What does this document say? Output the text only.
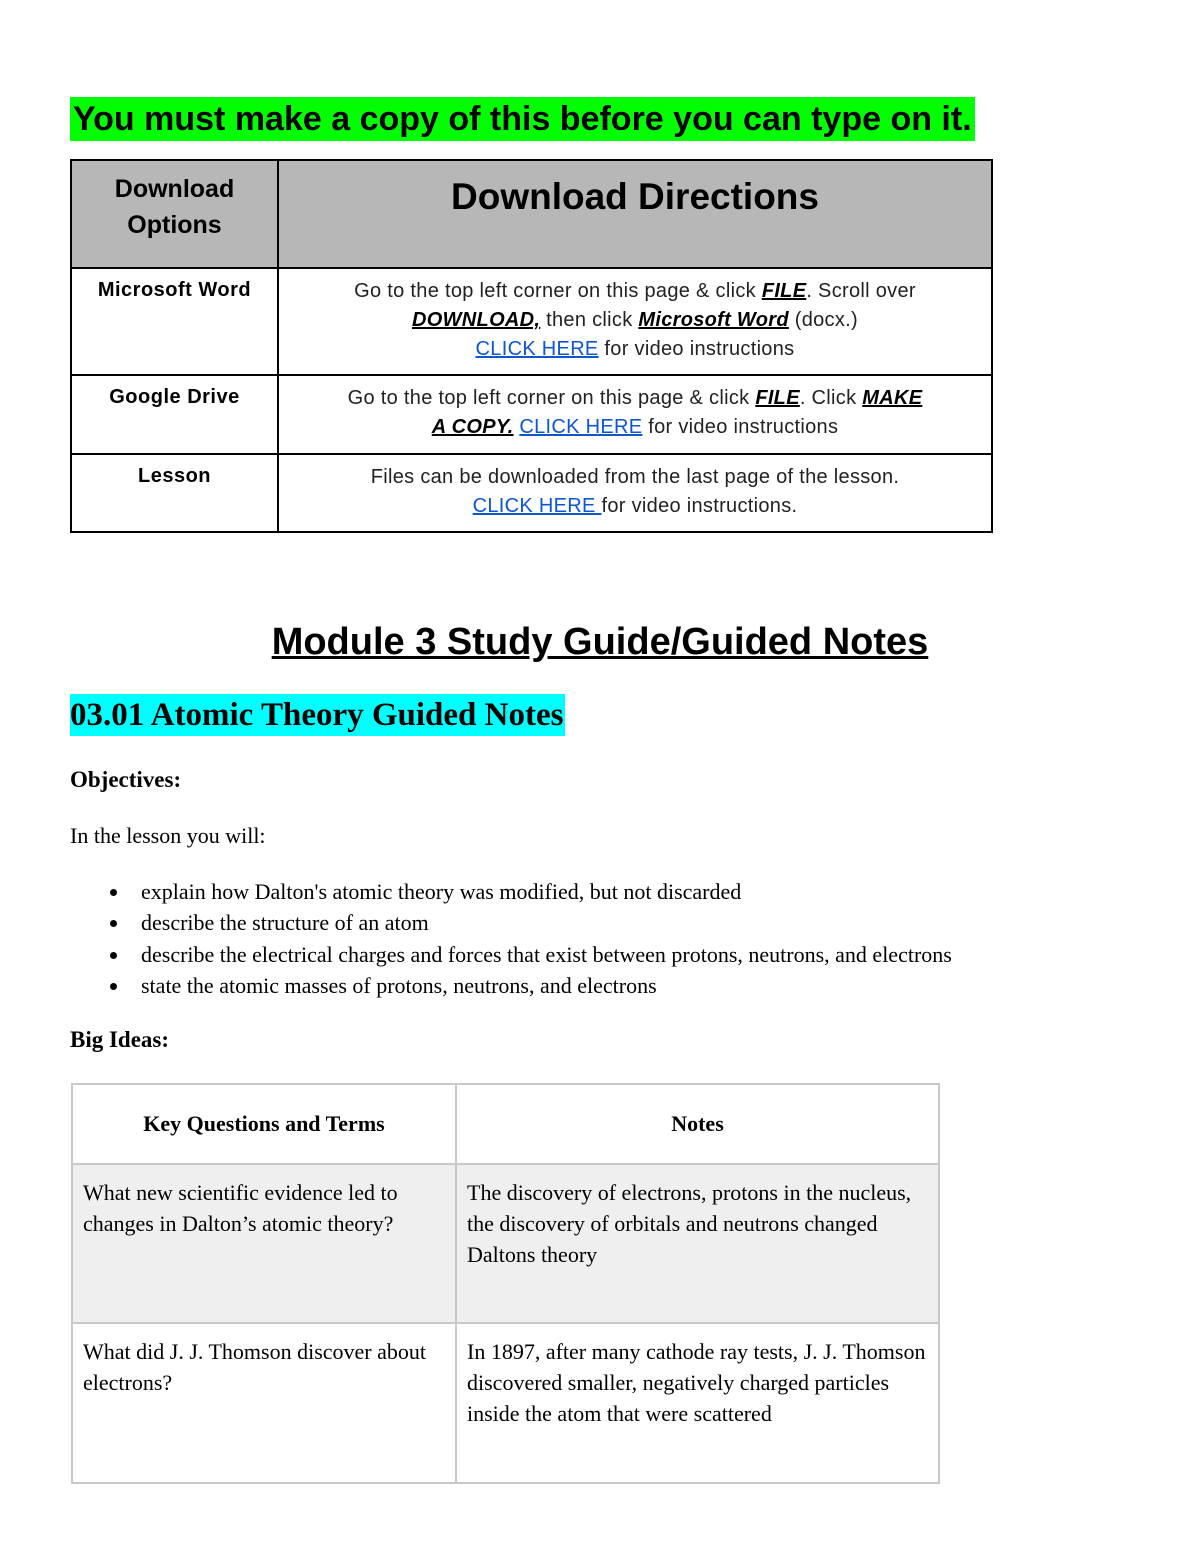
You must make a copy of this before you can type on it.
Download Options	Download Directions
Microsoft Word	Go to the top left corner on this page & click FILE. Scroll over
DOWNLOAD, then click Microsoft Word (docx.)
CLICK HERE for video instructions
Google Drive	Go to the top left corner on this page & click FILE. Click MAKE A COPY. CLICK HERE for video instructions
Lesson	Files can be downloaded from the last page of the lesson.
CLICK HERE for video instructions.
Module 3 Study Guide/Guided Notes
03.01 Atomic Theory Guided Notes
Objectives:
In the lesson you will:
explain how Dalton's atomic theory was modified, but not discarded
describe the structure of an atom
describe the electrical charges and forces that exist between protons, neutrons, and electrons
state the atomic masses of protons, neutrons, and electrons
Big Ideas:
Key Questions and Terms	Notes
What new scientific evidence led to changes in Dalton’s atomic theory?	The discovery of electrons, protons in the nucleus, the discovery of orbitals and neutrons changed Daltons theory
What did J. J. Thomson discover about electrons?	In 1897, after many cathode ray tests, J. J. Thomson discovered smaller, negatively charged particles inside the atom that were scattered
